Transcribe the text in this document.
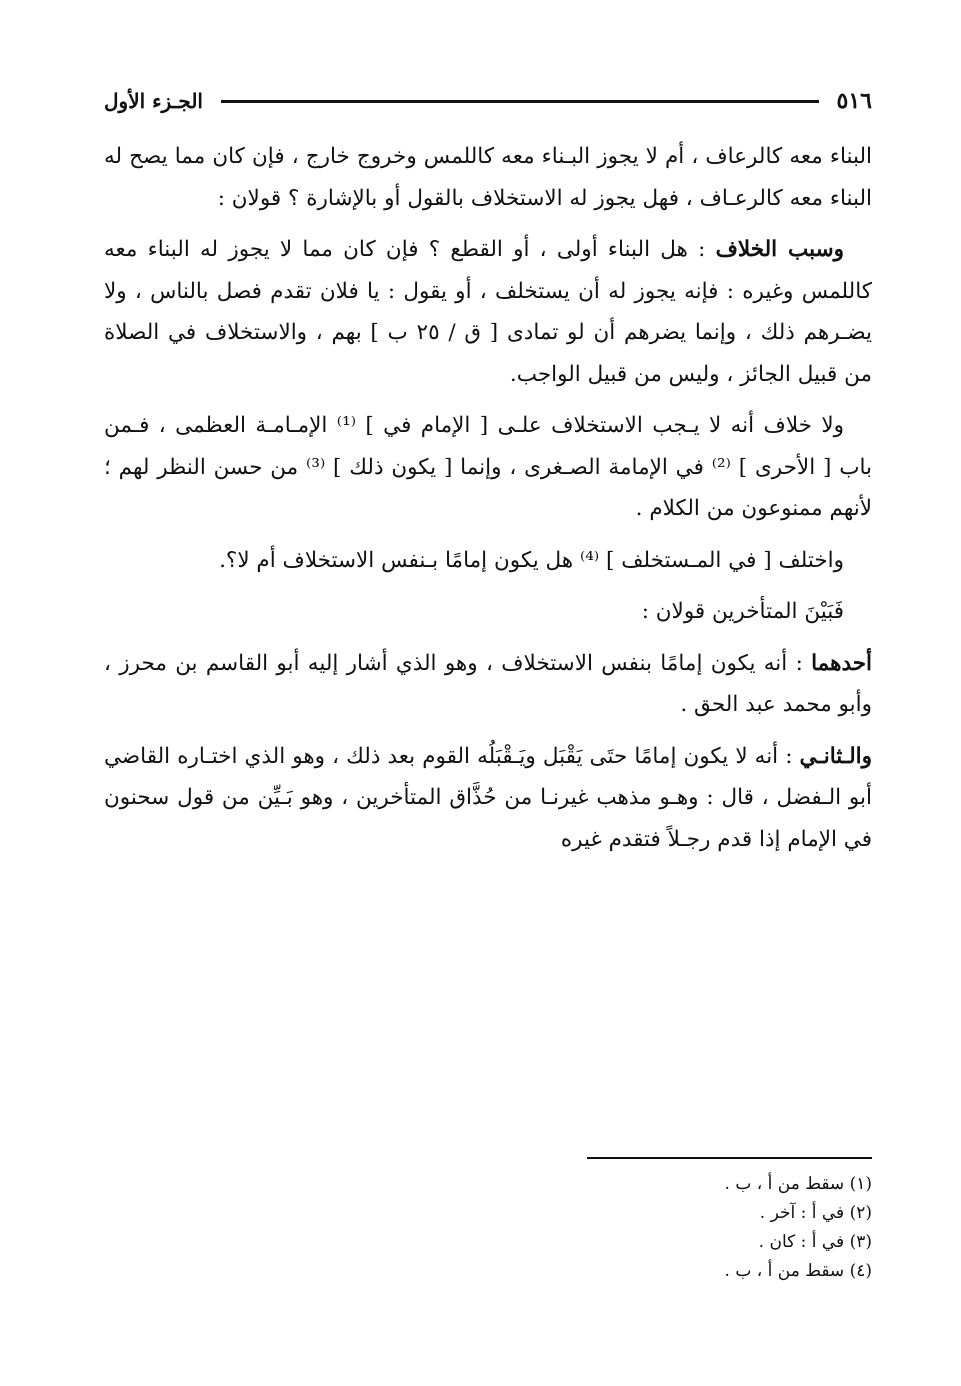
٥١٦
الجـزء الأول

البناء معه كالرعاف ، أم لا يجوز البـناء معه كاللمس وخروج خارج ، فإن كان مما يصح له البناء معه كالرعـاف ، فهل يجوز له الاستخلاف بالقول أو بالإشارة ؟ قولان :

وسبب الخلاف : هل البناء أولى ، أو القطع ؟ فإن كان مما لا يجوز له البناء معه كاللمس وغيره : فإنه يجوز له أن يستخلف ، أو يقول : يا فلان تقدم فصل بالناس ، ولا يضـرهم ذلك ، وإنما يضرهم أن لو تمادى [ ق / ٢٥ ب ] بهم ، والاستخلاف في الصلاة من قبيل الجائز ، وليس من قبيل الواجب.

ولا خلاف أنه لا يـجب الاستخلاف علـى [ الإمام في ] ⁽¹⁾ الإمـامـة العظمى ، فـمن باب [ الأحرى ] ⁽²⁾ في الإمامة الصـغرى ، وإنما [ يكون ذلك ] ⁽³⁾ من حسن النظر لهم ؛ لأنهم ممنوعون من الكلام .

واختلف [ في المـستخلف ] ⁽⁴⁾ هل يكون إمامًا بـنفس الاستخلاف أم لا؟.

فَبَيْنَ المتأخرين قولان :

أحدهما : أنه يكون إمامًا بنفس الاستخلاف ، وهو الذي أشار إليه أبو القاسم بن محرز ، وأبو محمد عبد الحق .

والـثانـي : أنه لا يكون إمامًا حتَى يَقْبَل ويَـقْبَلُه القوم بعد ذلك ، وهو الذي اختـاره القاضي أبو الـفضل ، قال : وهـو مذهب غيرنـا من حُذَّاق المتأخرين ، وهو بَـيِّن من قول سحنون في الإمام إذا قدم رجـلاً فتقدم غيره

(١) سقط من أ ، ب .

(٢) في أ : آخر .

(٣) في أ : كان .

(٤) سقط من أ ، ب .
